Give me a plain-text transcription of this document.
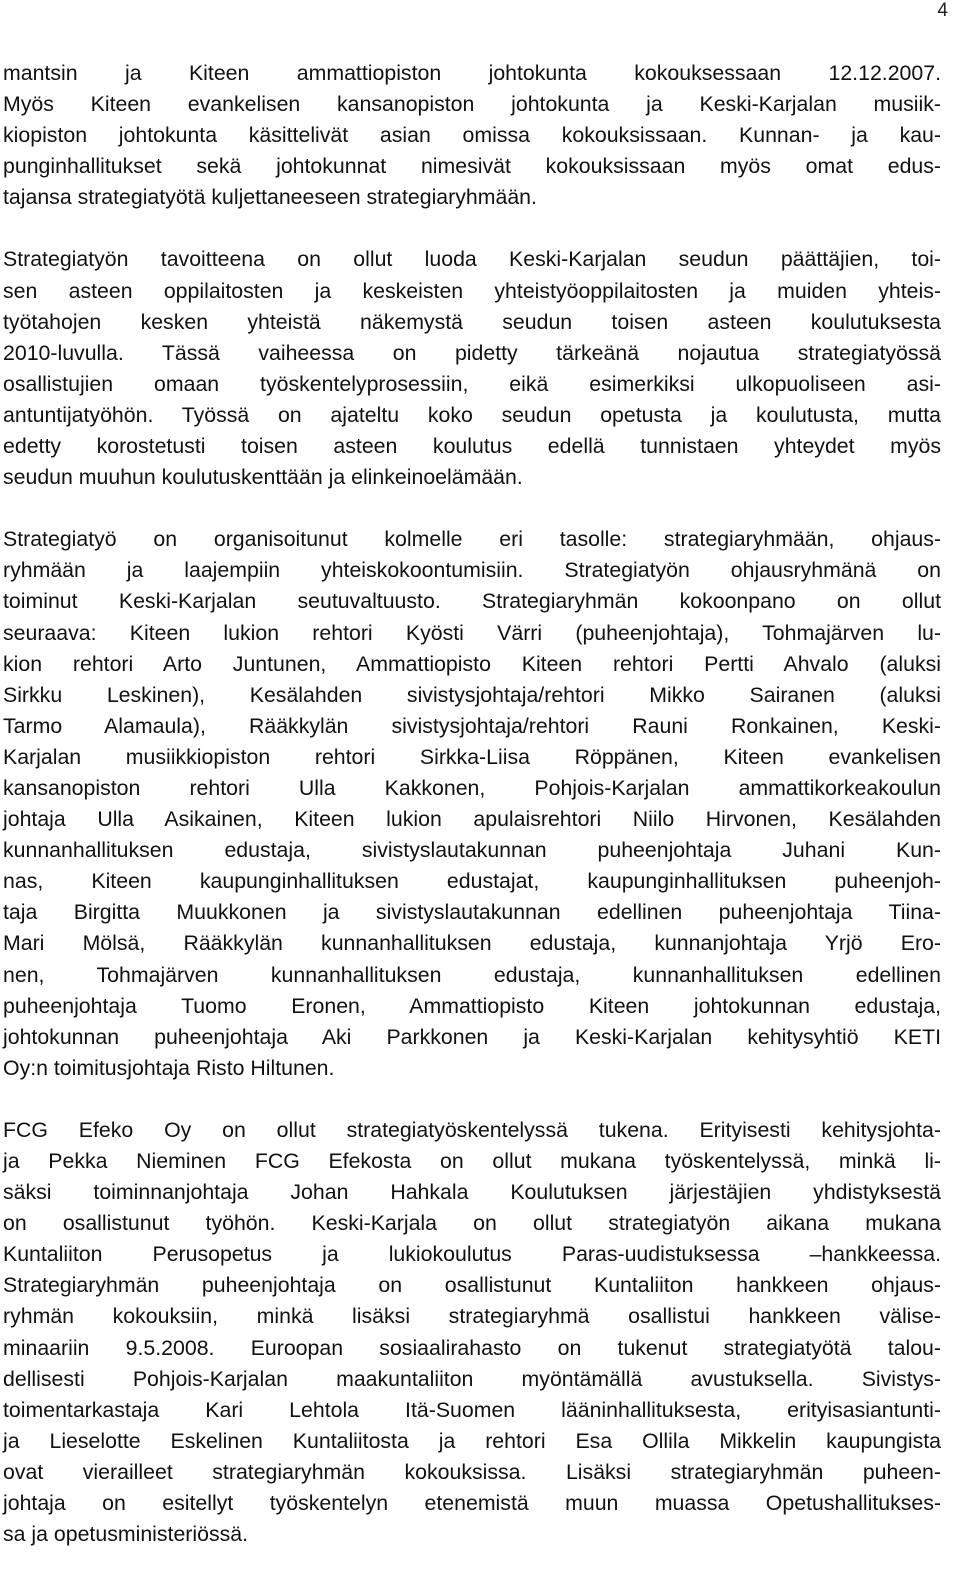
4
mantsin ja Kiteen ammattiopiston johtokunta kokouksessaan 12.12.2007.
Myös Kiteen evankelisen kansanopiston johtokunta ja Keski-Karjalan musiik-
kiopiston johtokunta käsittelivät asian omissa kokouksissaan. Kunnan- ja kau-
punginhallitukset sekä johtokunnat nimesivät kokouksissaan myös omat edus-
tajansa strategiatyötä kuljettaneeseen strategiaryhmään.
Strategiatyön tavoitteena on ollut luoda Keski-Karjalan seudun päättäjien, toi-
sen asteen oppilaitosten ja keskeisten yhteistyöoppilaitosten ja muiden yhteis-
työtahojen kesken yhteistä näkemystä seudun toisen asteen koulutuksesta
2010-luvulla. Tässä vaiheessa on pidetty tärkeänä nojautua strategiatyössä
osallistujien omaan työskentelyprosessiin, eikä esimerkiksi ulkopuoliseen asi-
antuntijatyöhön. Työssä on ajateltu koko seudun opetusta ja koulutusta, mutta
edetty korostetusti toisen asteen koulutus edellä tunnistaen yhteydet myös
seudun muuhun koulutuskenttään ja elinkeinoelämään.
Strategiatyö on organisoitunut kolmelle eri tasolle: strategiaryhmään, ohjaus-
ryhmään ja laajempiin yhteiskokoontumisiin. Strategiatyön ohjausryhmänä on
toiminut Keski-Karjalan seutuvaltuusto. Strategiaryhmän kokoonpano on ollut
seuraava: Kiteen lukion rehtori Kyösti Värri (puheenjohtaja), Tohmajärven lu-
kion rehtori Arto Juntunen, Ammattiopisto Kiteen rehtori Pertti Ahvalo (aluksi
Sirkku Leskinen), Kesälahden sivistysjohtaja/rehtori Mikko Sairanen (aluksi
Tarmo Alamaula), Rääkkylän sivistysjohtaja/rehtori Rauni Ronkainen, Keski-
Karjalan musiikkiopiston rehtori Sirkka-Liisa Röppänen, Kiteen evankelisen
kansanopiston rehtori Ulla Kakkonen, Pohjois-Karjalan ammattikorkeakoulun
johtaja Ulla Asikainen, Kiteen lukion apulaisrehtori Niilo Hirvonen, Kesälahden
kunnanhallituksen edustaja, sivistyslautakunnan puheenjohtaja Juhani Kun-
nas, Kiteen kaupunginhallituksen edustajat, kaupunginhallituksen puheenjoh-
taja Birgitta Muukkonen ja sivistyslautakunnan edellinen puheenjohtaja Tiina-
Mari Mölsä, Rääkkylän kunnanhallituksen edustaja, kunnanjohtaja Yrjö Ero-
nen, Tohmajärven kunnanhallituksen edustaja, kunnanhallituksen edellinen
puheenjohtaja Tuomo Eronen, Ammattiopisto Kiteen johtokunnan edustaja,
johtokunnan puheenjohtaja Aki Parkkonen ja Keski-Karjalan kehitysyhtiö KETI
Oy:n toimitusjohtaja Risto Hiltunen.
FCG Efeko Oy on ollut strategiatyöskentelyssä tukena. Erityisesti kehitysjohta-
ja Pekka Nieminen FCG Efekosta on ollut mukana työskentelyssä, minkä li-
säksi toiminnanjohtaja Johan Hahkala Koulutuksen järjestäjien yhdistyksestä
on osallistunut työhön. Keski-Karjala on ollut strategiatyön aikana mukana
Kuntaliiton Perusopetus ja lukiokoulutus Paras-uudistuksessa –hankkeessa.
Strategiaryhmän puheenjohtaja on osallistunut Kuntaliiton hankkeen ohjaus-
ryhmän kokouksiin, minkä lisäksi strategiaryhmä osallistui hankkeen välise-
minaariin 9.5.2008. Euroopan sosiaalirahasto on tukenut strategiatyötä talou-
dellisesti Pohjois-Karjalan maakuntaliiton myöntämällä avustuksella. Sivistys-
toimentarkastaja Kari Lehtola Itä-Suomen lääninhallituksesta, erityisasiantunti-
ja Lieselotte Eskelinen Kuntaliitosta ja rehtori Esa Ollila Mikkelin kaupungista
ovat vierailleet strategiaryhmän kokouksissa. Lisäksi strategiaryhmän puheen-
johtaja on esitellyt työskentelyn etenemistä muun muassa Opetushallitukses-
sa ja opetusministeriössä.
